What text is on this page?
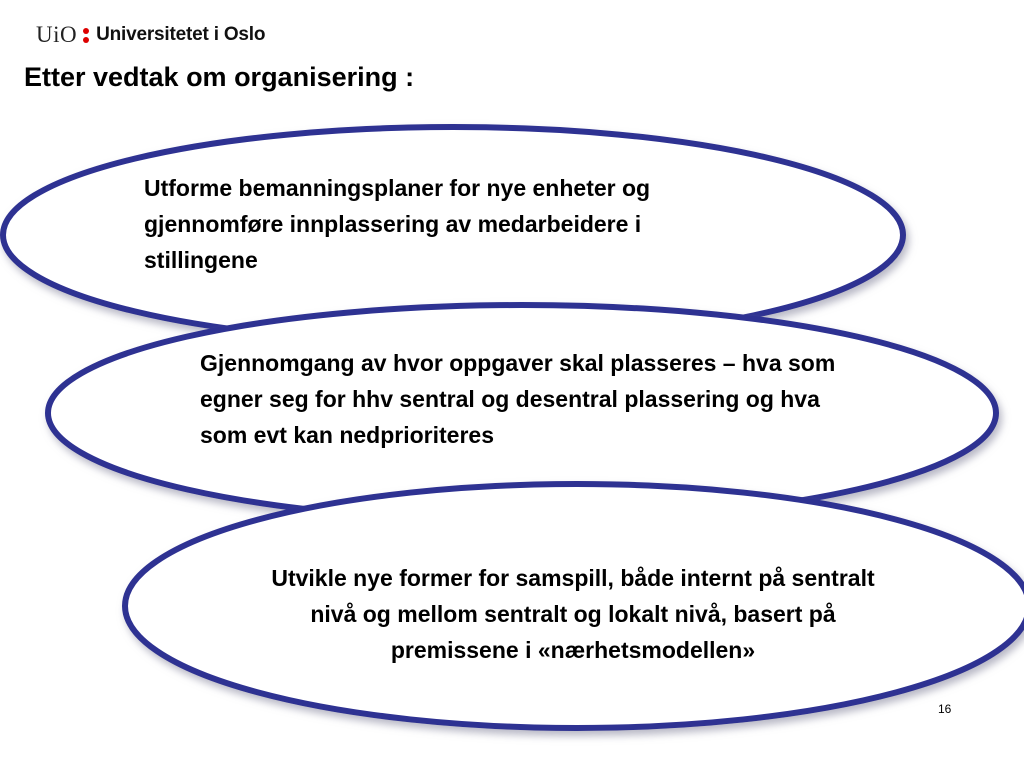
UiO Universitetet i Oslo
Etter vedtak om organisering :

Utforme bemanningsplaner for nye enheter og gjennomføre innplassering av medarbeidere i stillingene

Gjennomgang av hvor oppgaver skal plasseres – hva som egner seg for hhv sentral og desentral plassering og hva som evt kan nedprioriteres

Utvikle nye former for samspill, både internt på sentralt nivå og mellom sentralt og lokalt nivå, basert på premissene i «nærhetsmodellen»

16
